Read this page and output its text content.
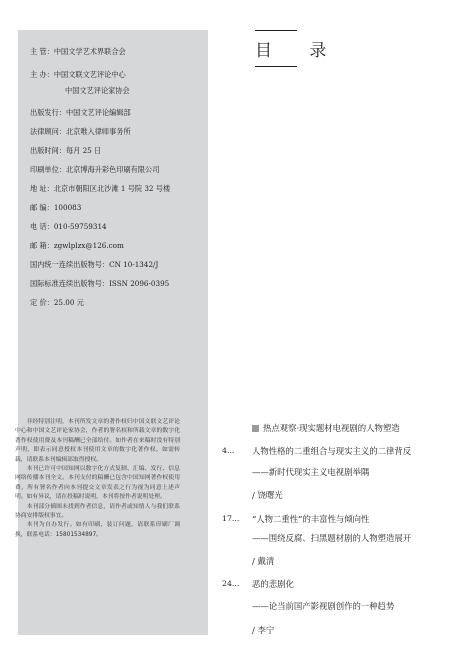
主 管：中国文学艺术界联合会
主 办：中国文联文艺评论中心
中国文艺评论家协会
出版发行：中国文艺评论编辑部
法律顾问：北京唯入律师事务所
出版时间：每月 25 日
印刷单位：北京博海升彩色印刷有限公司
地 址：北京市朝阳区北沙滩 1 号院 32 号楼
邮 编：100083
电 话：010-59759314
邮 箱：zgwlplzx@126.com
国内统一连续出版物号：CN 10-1342/J
国际标准连续出版物号：ISSN 2096-0395
定 价：25.00 元

非经特别注明，本刊所发文章的著作权归中国文联文艺评论中心和中国文艺评论家协会，作者的署名权和所载文章的数字化著作权使用费及本刊稿酬已全部给付。如作者在来稿时没有特别声明，即表示同意授权本刊使用文章的数字化著作权。如需转载，请联系本刊编辑部取得授权。

本刊已许可中国知网以数字化方式复制、汇编、发行、信息网络传播本刊全文。本刊支付的稿酬已包含中国知网著作权使用费，所有署名作者向本刊提交文章发表之行为视为同意上述声明。如有异议，请在投稿时说明，本刊将按作者说明处理。

本刊部分插图未找到作者信息，请作者或知情人与我们联系协商安排版权事宜。

本刊为自办发行。如有印刷、装订问题，请联系印刷厂调换，联系电话：15801534897。

目 录
热点观察·现实题材电视剧的人物塑造
4... 人物性格的二重组合与现实主义的二律背反
——新时代现实主义电视剧举隅
/ 饶曙光
17... “人物二重性”的丰富性与倾向性
——围绕反腐、扫黑题材剧的人物塑造展开
/ 戴清
24... 恶的悲剧化
——论当前国产影视剧创作的一种趋势
/ 李宁
